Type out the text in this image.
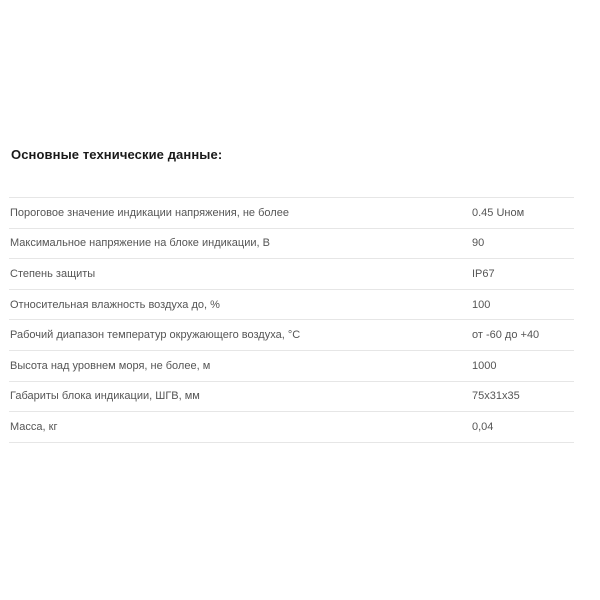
Основные технические данные:
Пороговое значение индикации напряжения, не более	0.45 Uном
Максимальное напряжение на блоке индикации, В	90
Степень защиты	IP67
Относительная влажность воздуха до, %	100
Рабочий диапазон температур окружающего воздуха, °С	от -60 до +40
Высота над уровнем моря, не более, м	1000
Габариты блока индикации, ШГВ, мм	75x31x35
Масса, кг	0,04
